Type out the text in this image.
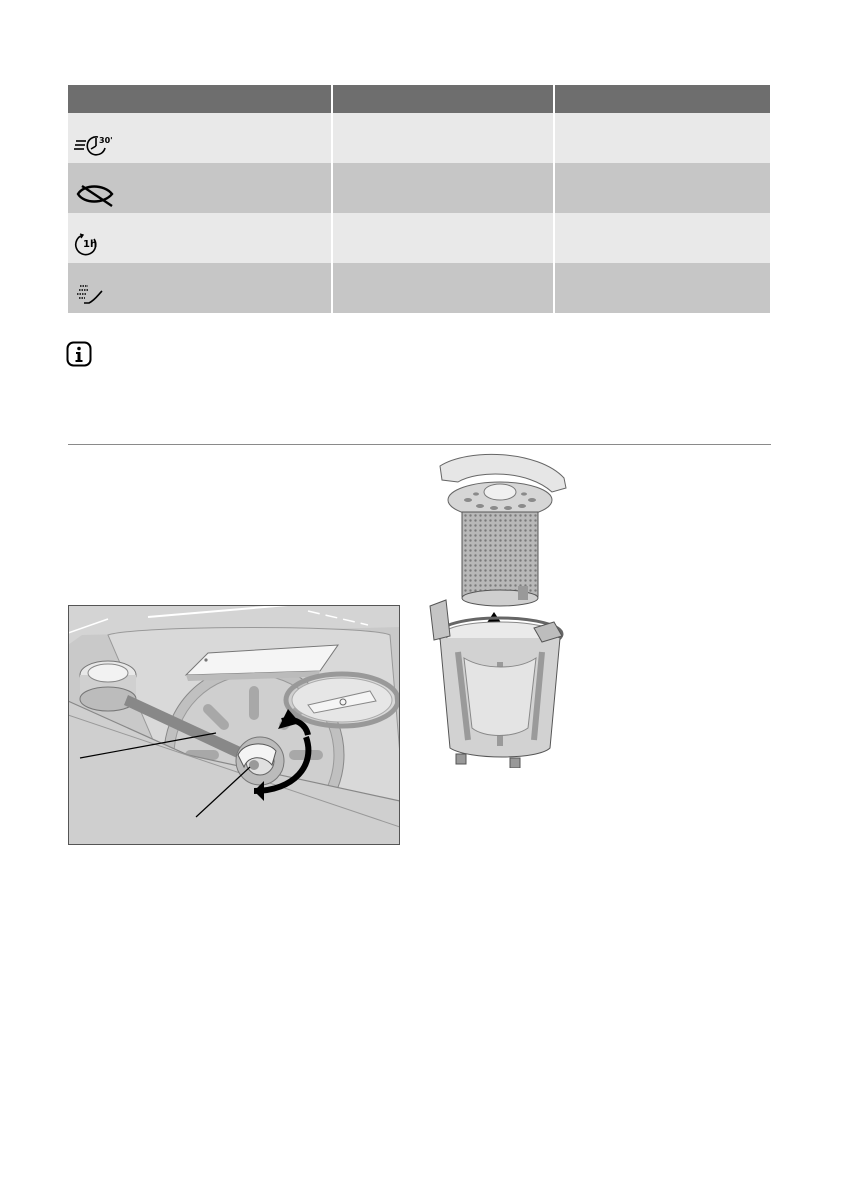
30'		

1h		
